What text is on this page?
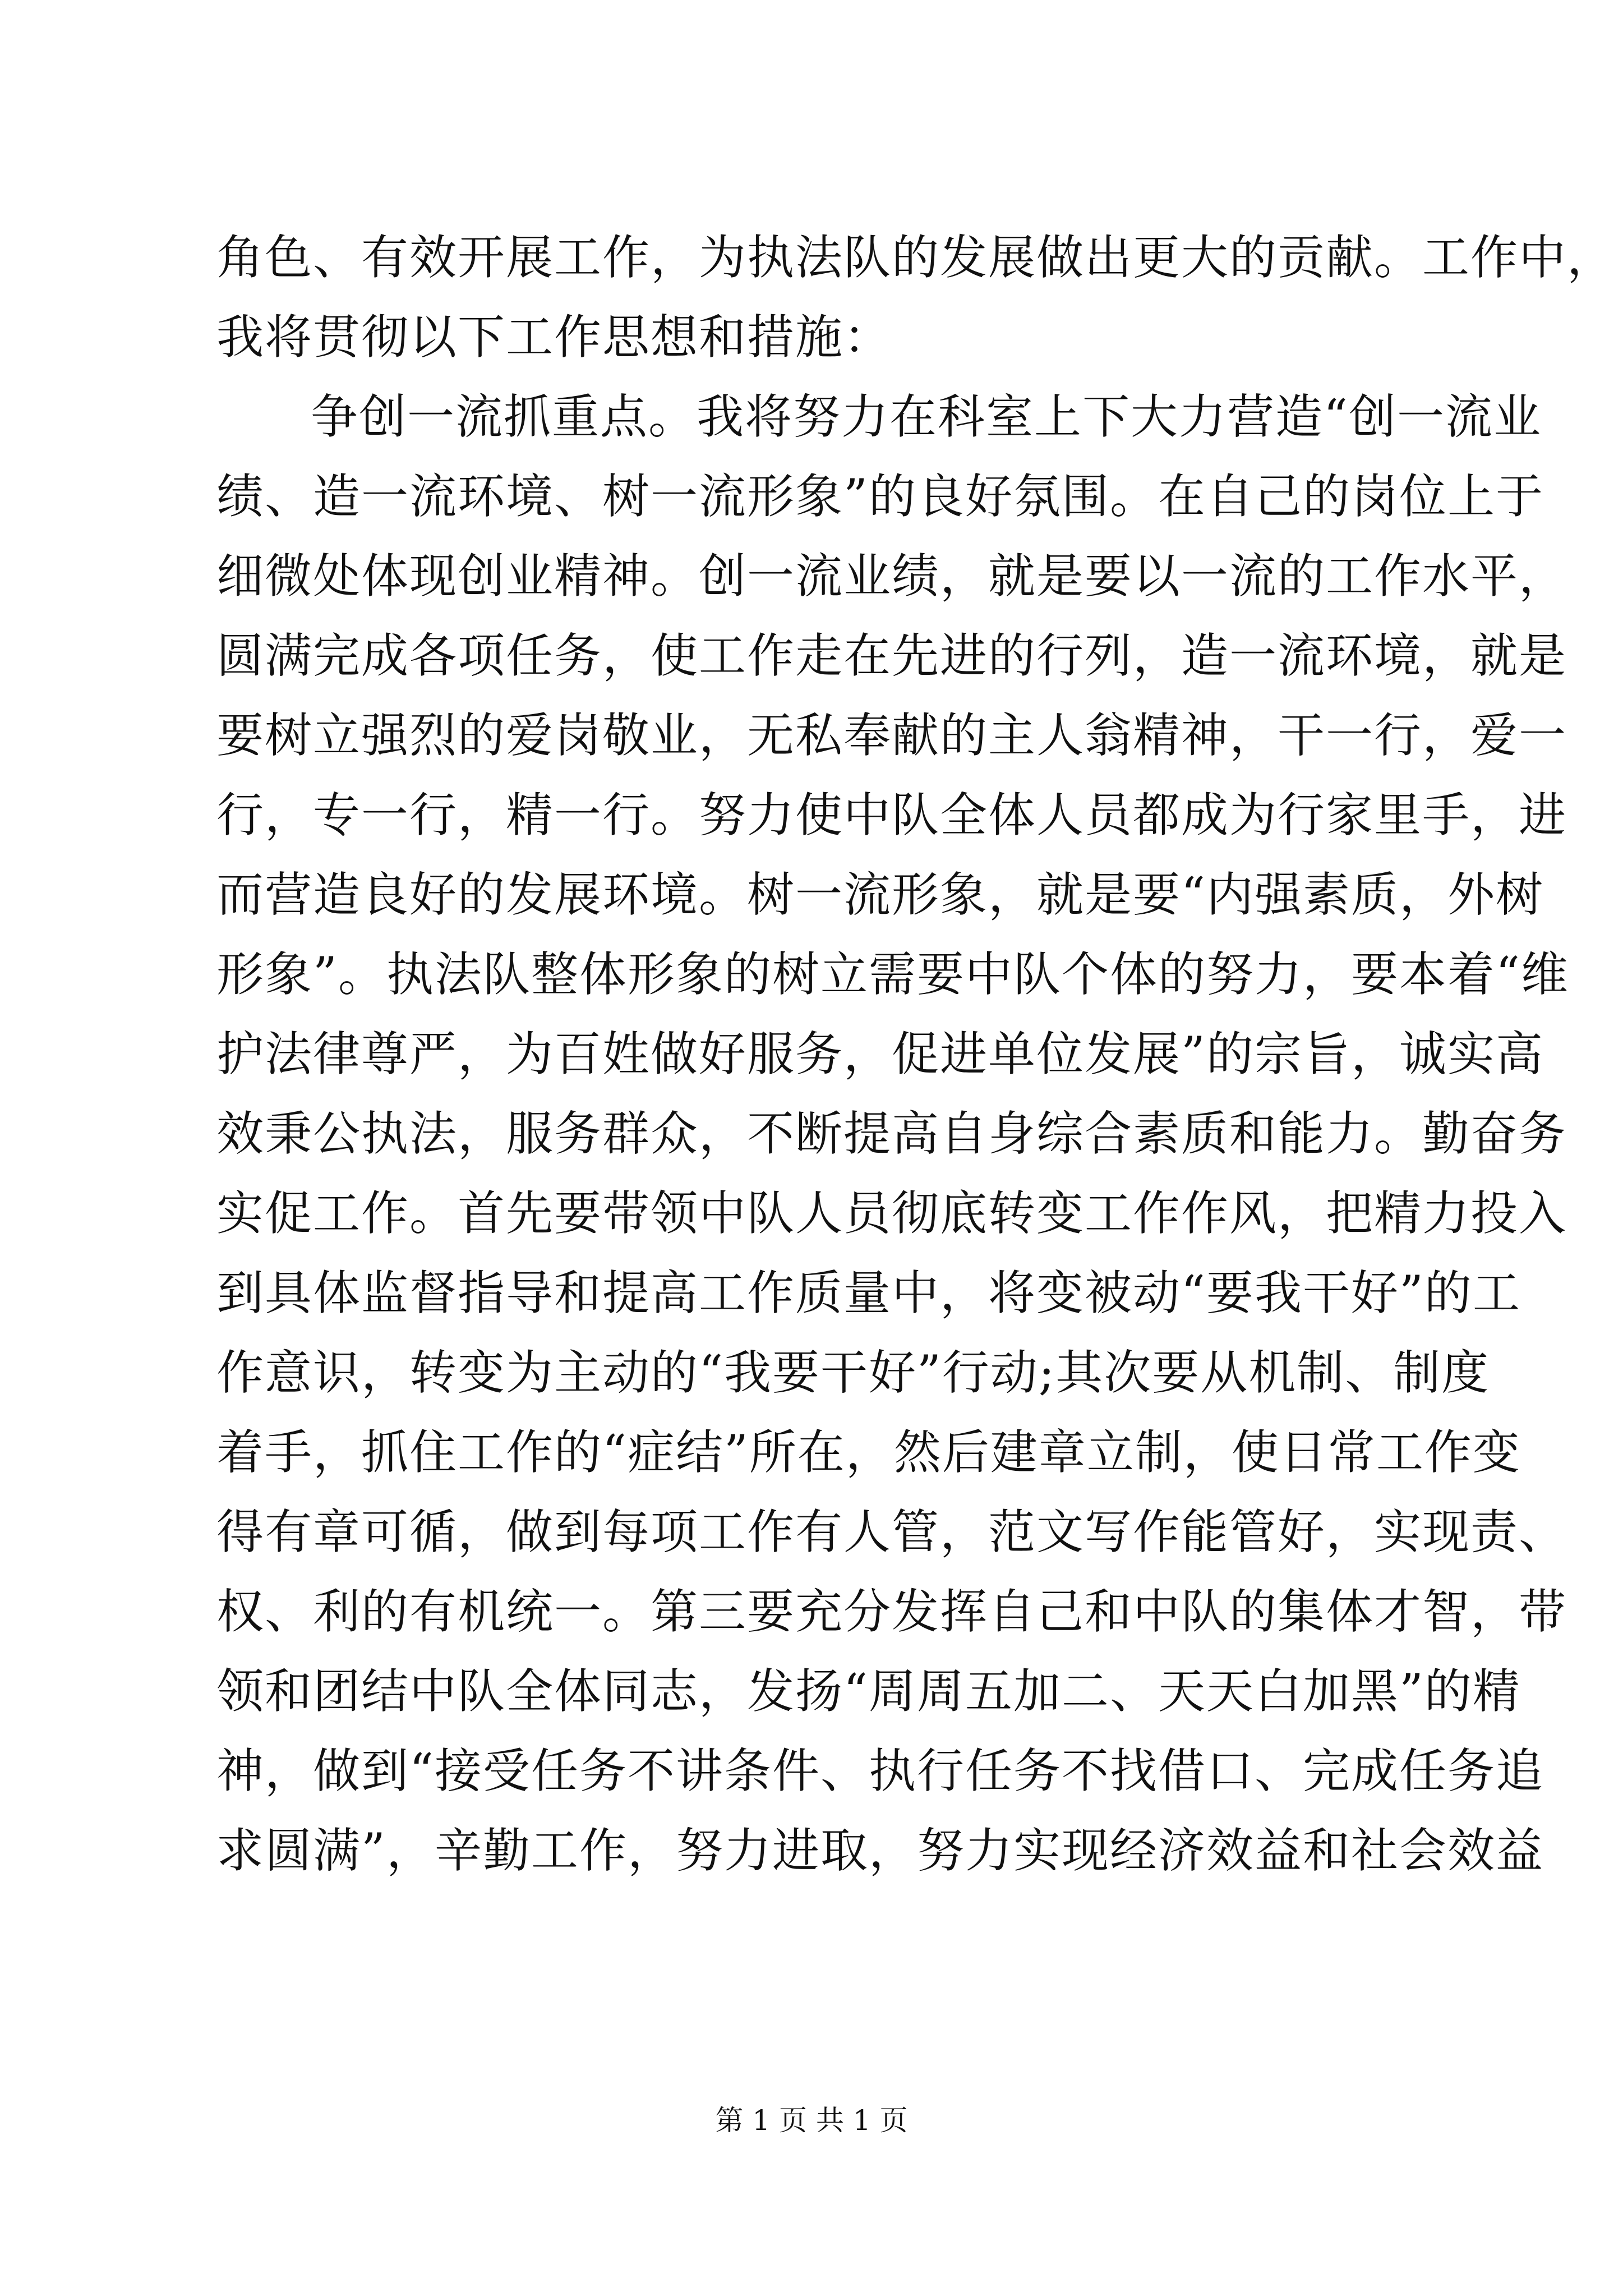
角色、有效开展工作，为执法队的发展做出更大的贡献。工作中，
我将贯彻以下工作思想和措施：
争创一流抓重点。我将努力在科室上下大力营造“创一流业
绩、造一流环境、树一流形象”的良好氛围。在自己的岗位上于
细微处体现创业精神。创一流业绩，就是要以一流的工作水平，
圆满完成各项任务，使工作走在先进的行列，造一流环境，就是
要树立强烈的爱岗敬业，无私奉献的主人翁精神，干一行，爱一
行，专一行，精一行。努力使中队全体人员都成为行家里手，进
而营造良好的发展环境。树一流形象，就是要“内强素质，外树
形象”。执法队整体形象的树立需要中队个体的努力，要本着“维
护法律尊严，为百姓做好服务，促进单位发展”的宗旨，诚实高
效秉公执法，服务群众，不断提高自身综合素质和能力。勤奋务
实促工作。首先要带领中队人员彻底转变工作作风，把精力投入
到具体监督指导和提高工作质量中，将变被动“要我干好”的工
作意识，转变为主动的“我要干好”行动;其次要从机制、制度
着手，抓住工作的“症结”所在，然后建章立制，使日常工作变
得有章可循，做到每项工作有人管，范文写作能管好，实现责、
权、利的有机统一。第三要充分发挥自己和中队的集体才智，带
领和团结中队全体同志，发扬“周周五加二、天天白加黑”的精
神，做到“接受任务不讲条件、执行任务不找借口、完成任务追
求圆满”，辛勤工作，努力进取，努力实现经济效益和社会效益
第 1 页 共 1 页
